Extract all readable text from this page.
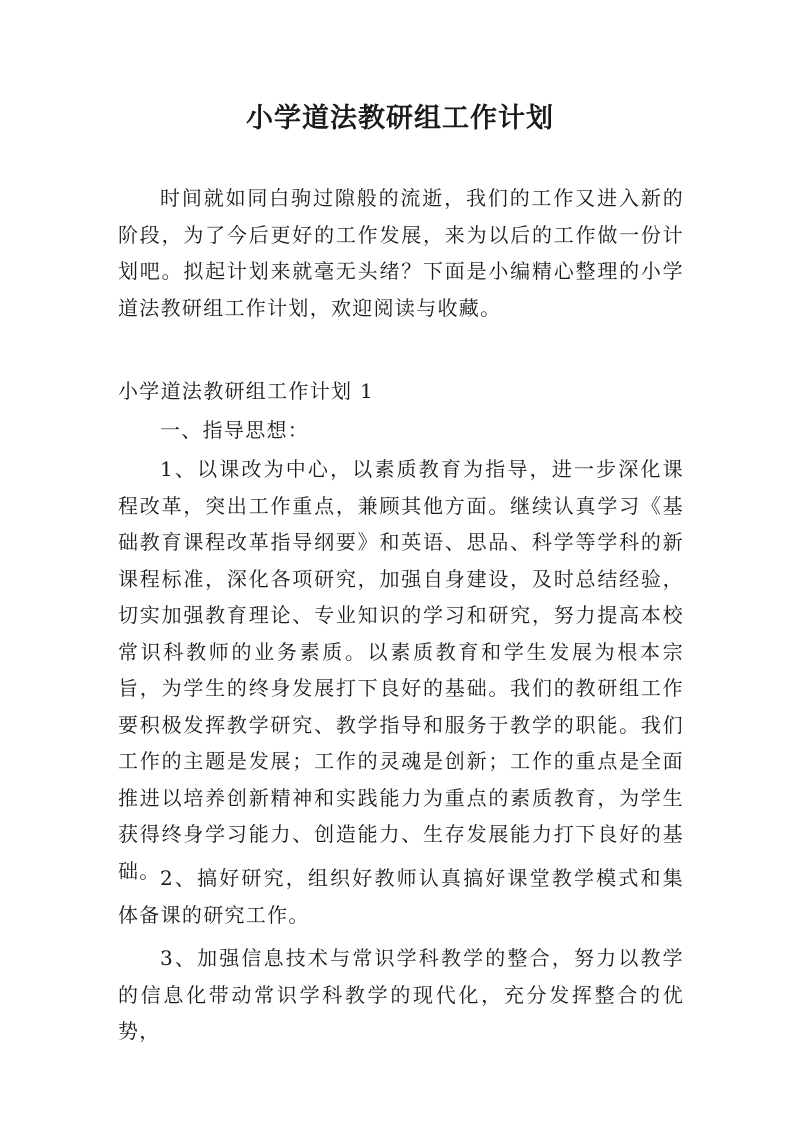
小学道法教研组工作计划

时间就如同白驹过隙般的流逝，我们的工作又进入新的阶段，为了今后更好的工作发展，来为以后的工作做一份计划吧。拟起计划来就毫无头绪？下面是小编精心整理的小学道法教研组工作计划，欢迎阅读与收藏。

小学道法教研组工作计划 1

一、指导思想：

1、以课改为中心，以素质教育为指导，进一步深化课程改革，突出工作重点，兼顾其他方面。继续认真学习《基础教育课程改革指导纲要》和英语、思品、科学等学科的新课程标准，深化各项研究，加强自身建设，及时总结经验，切实加强教育理论、专业知识的学习和研究，努力提高本校常识科教师的业务素质。以素质教育和学生发展为根本宗旨，为学生的终身发展打下良好的基础。我们的教研组工作要积极发挥教学研究、教学指导和服务于教学的职能。我们工作的主题是发展；工作的灵魂是创新；工作的重点是全面推进以培养创新精神和实践能力为重点的素质教育，为学生获得终身学习能力、创造能力、生存发展能力打下良好的基础。 2、搞好研究，组织好教师认真搞好课堂教学模式和集体备课的研究工作。

3、加强信息技术与常识学科教学的整合，努力以教学的信息化带动常识学科教学的现代化，充分发挥整合的优势，
